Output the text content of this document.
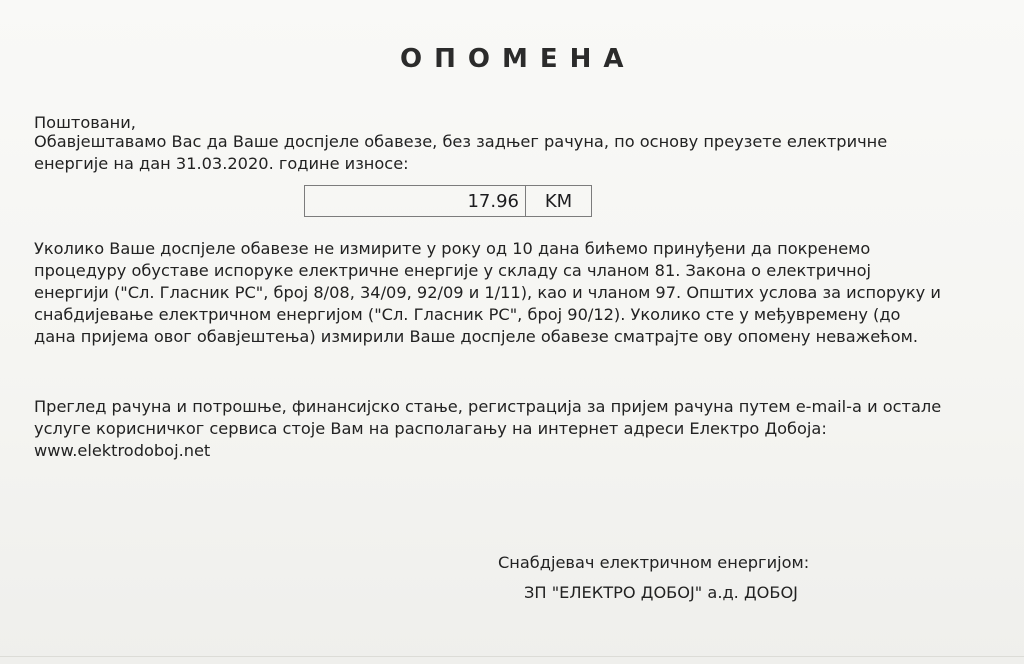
ОПОМЕНА
Поштовани,
Обавјештавамо Вас да Ваше доспјеле обавезе, без задњег рачуна, по основу преузете електричне
енергије на дан 31.03.2020. године износе:
17.96	KM
Уколико Ваше доспјеле обавезе не измирите у року од 10 дана бићемо принуђени да покренемо
процедуру обуставе испоруке електричне енергије у складу са чланом 81. Закона о електричној
енергији ("Сл. Гласник РС", број 8/08, 34/09, 92/09 и 1/11), као и чланом 97. Општих услова за испоруку и
снабдијевање електричном енергијом ("Сл. Гласник РС", број 90/12). Уколико сте у међувремену (до
дана пријема овог обавјештења) измирили Ваше доспјеле обавезе сматрајте ову опомену неважећом.
Преглед рачуна и потрошње, финансијско стање, регистрација за пријем рачуна путем е-mail-а и остале
услуге корисничког сервиса стоје Вам на располагању на интернет адреси Електро Добоја:
www.elektrodoboj.net
Снабдјевач електричном енергијом:
ЗП "ЕЛЕКТРО ДОБОЈ" а.д. ДОБОЈ
